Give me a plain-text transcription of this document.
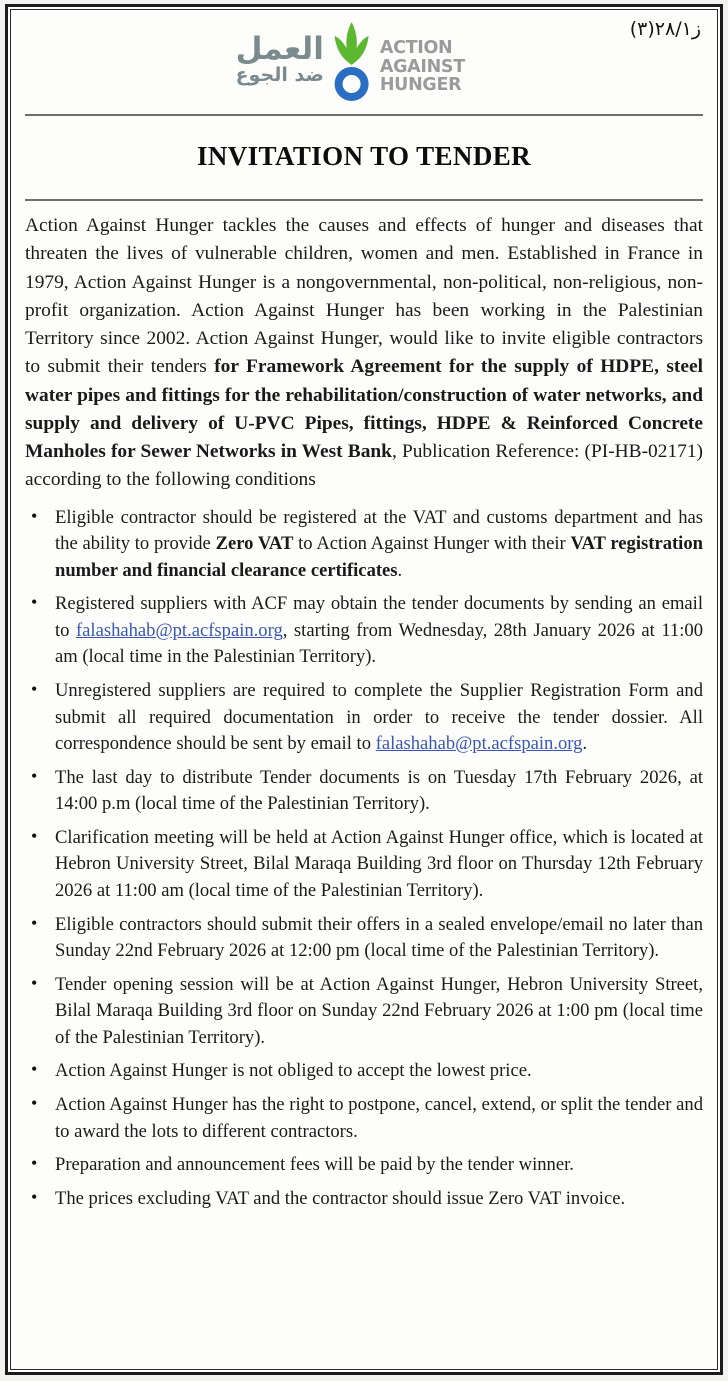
ز٢٨/١(٣)
العمل
ضد الجوع
ACTION
AGAINST
HUNGER
INVITATION TO TENDER

Action Against Hunger tackles the causes and effects of hunger and diseases that threaten the lives of vulnerable children, women and men. Established in France in 1979, Action Against Hunger is a nongovernmental, non-political, non-religious, non-profit organization. Action Against Hunger has been working in the Palestinian Territory since 2002. Action Against Hunger, would like to invite eligible contractors to submit their tenders for Framework Agreement for the supply of HDPE, steel water pipes and fittings for the rehabilitation/construction of water networks, and supply and delivery of U-PVC Pipes, fittings, HDPE & Reinforced Concrete Manholes for Sewer Networks in West Bank, Publication Reference: (PI-HB-02171) according to the following conditions

• Eligible contractor should be registered at the VAT and customs department and has the ability to provide Zero VAT to Action Against Hunger with their VAT registration number and financial clearance certificates.
• Registered suppliers with ACF may obtain the tender documents by sending an email to falashahab@pt.acfspain.org, starting from Wednesday, 28th January 2026 at 11:00 am (local time in the Palestinian Territory).
• Unregistered suppliers are required to complete the Supplier Registration Form and submit all required documentation in order to receive the tender dossier. All correspondence should be sent by email to falashahab@pt.acfspain.org.
• The last day to distribute Tender documents is on Tuesday 17th February 2026, at 14:00 p.m (local time of the Palestinian Territory).
• Clarification meeting will be held at Action Against Hunger office, which is located at Hebron University Street, Bilal Maraqa Building 3rd floor on Thursday 12th February 2026 at 11:00 am (local time of the Palestinian Territory).
• Eligible contractors should submit their offers in a sealed envelope/email no later than Sunday 22nd February 2026 at 12:00 pm (local time of the Palestinian Territory).
• Tender opening session will be at Action Against Hunger, Hebron University Street, Bilal Maraqa Building 3rd floor on Sunday 22nd February 2026 at 1:00 pm (local time of the Palestinian Territory).
• Action Against Hunger is not obliged to accept the lowest price.
• Action Against Hunger has the right to postpone, cancel, extend, or split the tender and to award the lots to different contractors.
• Preparation and announcement fees will be paid by the tender winner.
• The prices excluding VAT and the contractor should issue Zero VAT invoice.
